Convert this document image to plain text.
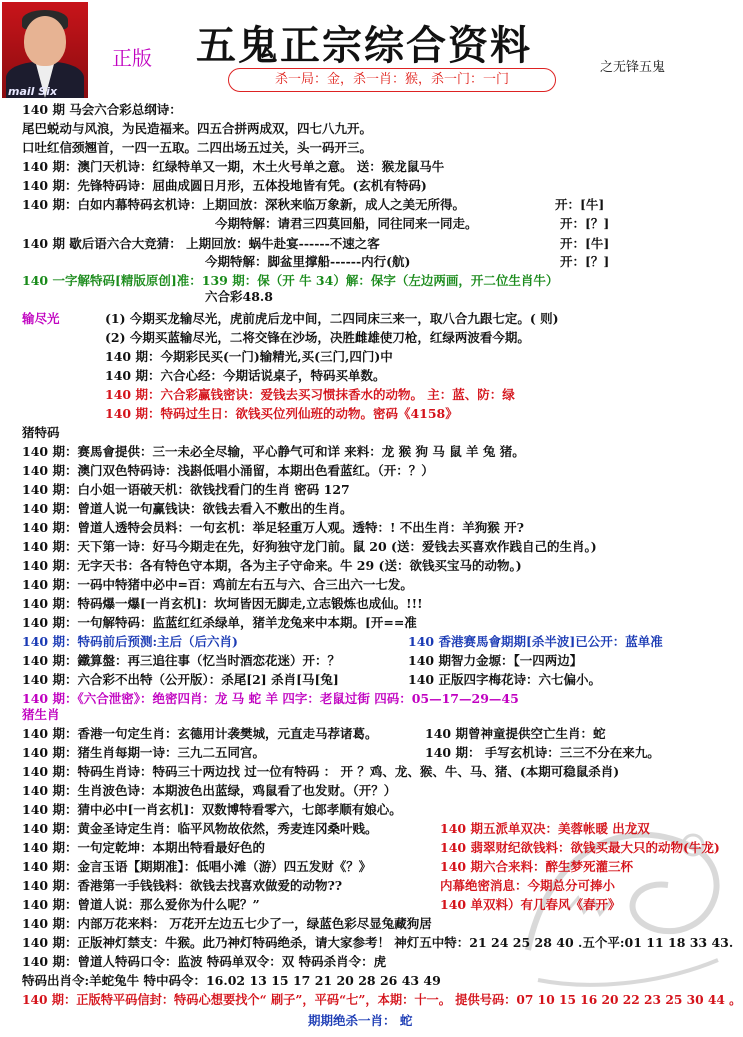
mail Six
正版 五鬼正宗综合资料	之无锋五鬼
杀一局：金，杀一肖：猴，杀一门：一门
140 期 马会六合彩总纲诗：
尾巴蜕动与风浪，为民造福来。四五合拼两成双，四七八九开。
口吐红信颈翘首，一四一五取。二四出场五过关，头一码开三。
140 期：澳门天机诗：红绿特单又一期，木土火号单之意。 送：猴龙鼠马牛
140 期：先锋特码诗：屈曲成圆日月形，五体投地皆有凭。(玄机有特码)
140 期：白如内幕特码玄机诗：上期回放：深秋来临万象新，成人之美无所得。	开：[牛]
今期特解：请君三四莫回船，同往同来一同走。	开：[？]
140 期 歇后语六合大竞猜： 上期回放：蜗牛赴宴------不速之客	开：[牛]
今期特解：脚盆里撑船------内行(航)	开：[？]
140 一字解特码[精版原创]准：139 期：保（开 牛 34）解：保字（左边两画，开二位生肖牛）
六合彩48.8
输尽光	(1) 今期买龙输尽光，虎前虎后龙中间，二四同床三来一，取八合九跟七定。( 则)
(2) 今期买蓝输尽光，二将交锋在沙场，决胜雌雄使刀枪，红绿两波看今期。
140 期：今期彩民买(一门)输精光,买(三门,四门)中
140 期：六合心经：今期话说桌子，特码买单数。
140 期：六合彩赢钱密诀：爱钱去买习惯抹香水的动物。 主：蓝、防：绿
140 期：特码过生日：欲钱买位列仙班的动物。密码《4158》
猪特码
140 期：赛馬會提供：三一未必全尽输，平心静气可和详 来料：龙 猴 狗 马 鼠 羊 兔 猪。
140 期：澳门双色特码诗：浅斟低唱小涌留，本期出色看蓝红。（开：？）
140 期：白小姐一语破天机：欲钱找看门的生肖 密码 127
140 期：曾道人说一句赢钱诀：欲钱去看入不敷出的生肖。
140 期：曾道人透特会员料：一句玄机：举足轻重万人观。透特：! 不出生肖：羊狗猴 开?
140 期：天下第一诗：好马今期走在先，好狗独守龙门前。鼠 20 (送：爱钱去买喜欢作践自己的生肖。)
140 期：无字天书：各有特色守本期，各为主子守命来。牛 29 (送：欲钱买宝马的动物。)
140 期：一码中特猪中必中=百：鸡前左右五与六、合三出六一七发。
140 期：特码爆一爆[一肖玄机]：坎坷皆因无脚走,立志锻炼也成仙。!!!
140 期：一句解特码：监蓝红红杀绿单，猪羊龙兔来中本期。[开==准
140 期：特码前后预测:主后（后六肖)	140 香港赛馬會期期[杀半波]已公开：蓝单准
140 期：鐵算盤：再三追往事（忆当时酒恋花迷）开：？	140 期智力金塬：【一四两边】
140 期：六合彩不出特（公开版）：杀尾[2] 杀肖[马[兔]	140 正版四字梅花诗：六七偏小。
140 期：《六合泄密》：绝密四肖：龙 马 蛇 羊 四字：老鼠过街 四码：05—17—29—45
猪生肖
140 期：香港一句定生肖：玄德用计袭樊城，元直走马荐诸葛。	140 期曾神童提供空亡生肖：蛇
140 期：猪生肖每期一诗：三九二五同宫。	140 期： 手写玄机诗：三三不分在来九。
140 期：特码生肖诗：特码三十两边找 过一位有特码 ： 开 ？鸡、龙、猴、牛、马、猪、(本期可稳鼠杀肖)
140 期：生肖波色诗：本期波色出蓝绿，鸡鼠看了也发财。（开？）
140 期：猜中必中[一肖玄机]：双数博特看零六，七郎孝顺有娘心。
140 期：黄金圣诗定生肖：临平风物故依然，秀麦连冈桑叶贱。	140 期五派单双决：美蓉帐暖 出龙双
140 期：一句定乾坤：本期出特看最好色的	140 翡翠财纪欲钱料：欲钱买最大只的动物(牛龙)
140 期：金言玉语【期期准】：低唱小滩（游）四五发财《？》	140 期六合来料：醉生梦死灌三杯
140 期：香港第一手钱钱料：欲钱去找喜欢做爱的动物??	内幕绝密消息：今期总分可捧小
140 期：曾道人说：那么爱你为什么呢？”	140 单双料）有几春风《春开》
140 期：内部万花来料： 万花开左边五七少了一，绿蓝色彩尽显兔藏狗居
140 期：正版神灯禁支：牛猴。此乃神灯特码绝杀，请大家参考！ 神灯五中特：21 24 25 28 40 .五个平:01 11 18 33 43.
140 期：曾道人特码口令：监波 特码单双令：双 特码杀肖令：虎
特码出肖令:羊蛇兔牛 特中码令：16.02 13 15 17 21 20 28 26 43 49
140 期：正版特平码信封：特码心想要找个“ 刷子”，平码“七”，本期：十一。 提供号码：07 10 15 16 20 22 23 25 30 44 。
期期绝杀一肖： 蛇
